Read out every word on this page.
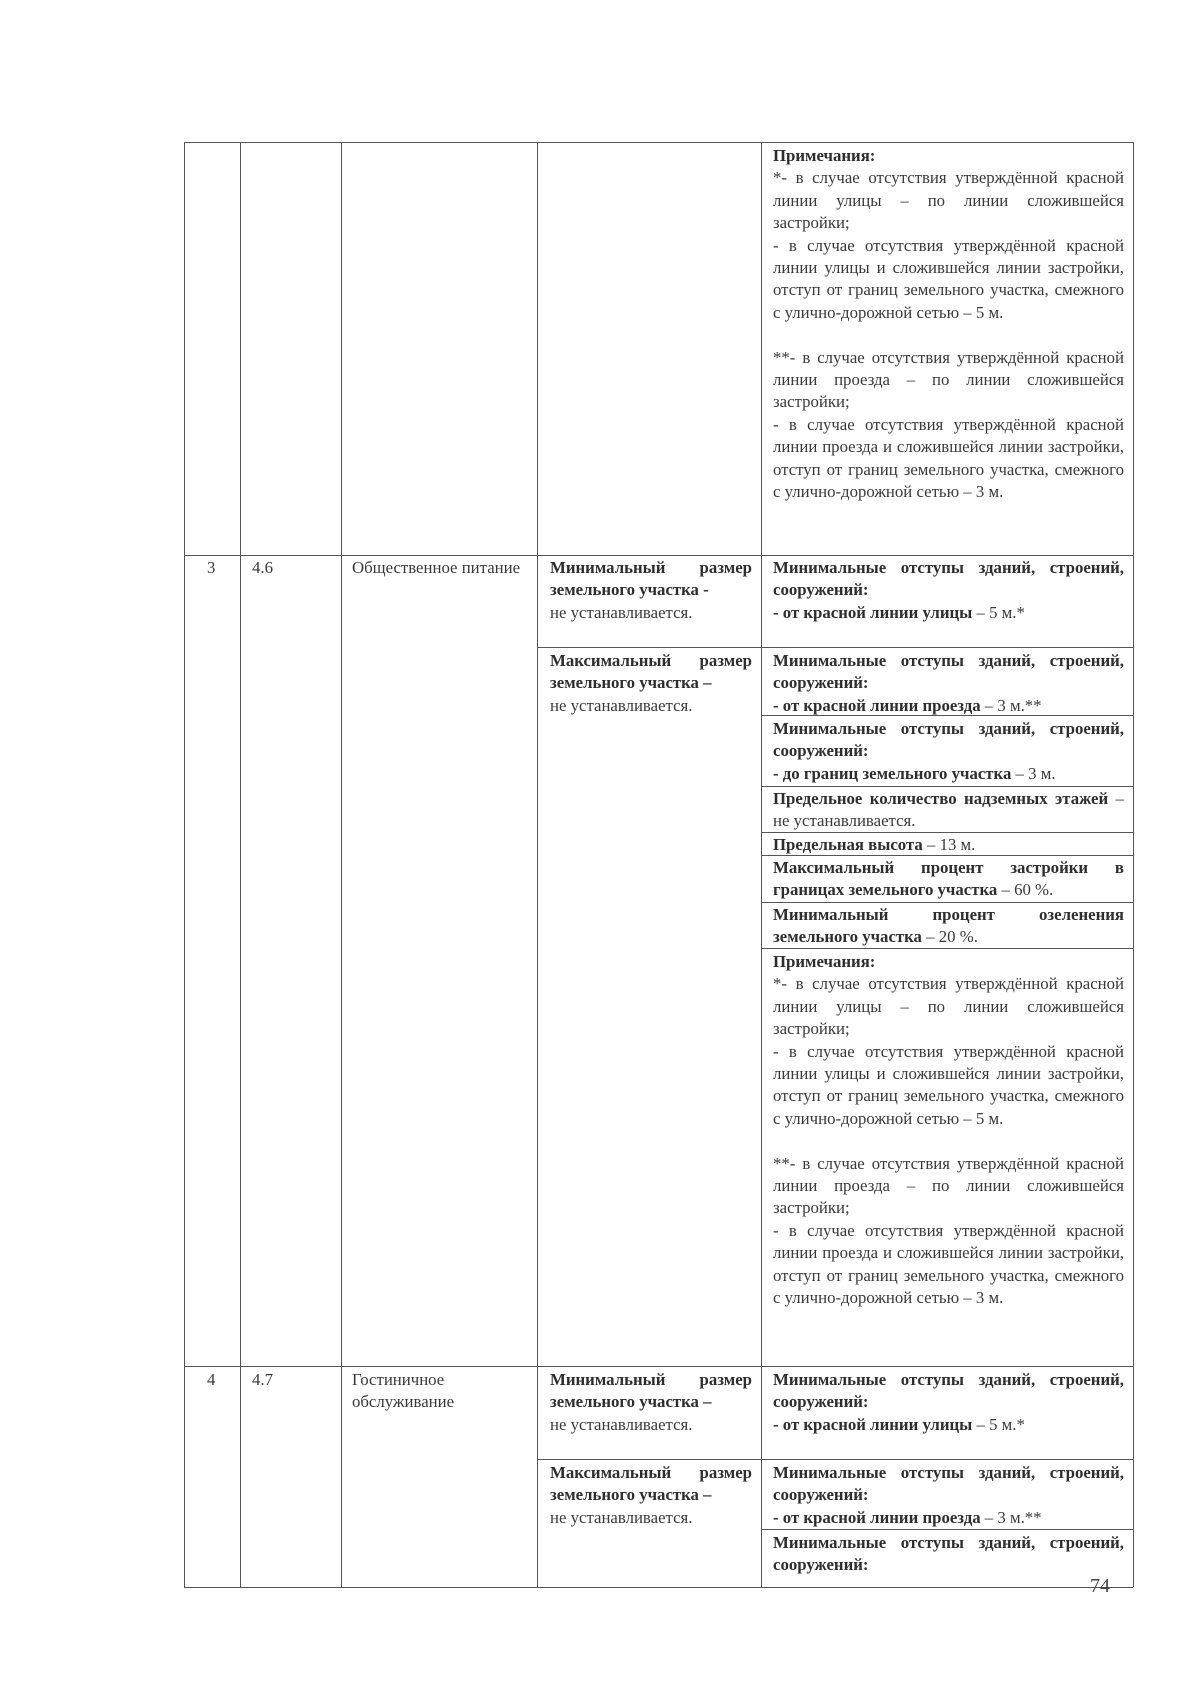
Примечания:
*- в случае отсутствия утверждённой красной линии улицы – по линии сложившейся застройки;
- в случае отсутствия утверждённой красной линии улицы и сложившейся линии застройки, отступ от границ земельного участка, смежного с улично-дорожной сетью – 5 м.
**- в случае отсутствия утверждённой красной линии проезда – по линии сложившейся застройки;
- в случае отсутствия утверждённой красной линии проезда и сложившейся линии застройки, отступ от границ земельного участка, смежного с улично-дорожной сетью – 3 м.
3 4.6	Общественное питание Минимальный размер земельного участка -
не устанавливается.
Максимальный размер земельного участка –
не устанавливается.
Минимальные отступы зданий, строений, сооружений:
- от красной линии улицы – 5 м.*
Минимальные отступы зданий, строений, сооружений:
- от красной линии проезда – 3 м.**
Минимальные отступы зданий, строений, сооружений:
- до границ земельного участка – 3 м.
Предельное количество надземных этажей – не устанавливается.
Предельная высота – 13 м.
Максимальный процент застройки в границах земельного участка – 60 %.
Минимальный процент озеленения земельного участка – 20 %.
Примечания:
*- в случае отсутствия утверждённой красной линии улицы – по линии сложившейся застройки;
- в случае отсутствия утверждённой красной линии улицы и сложившейся линии застройки, отступ от границ земельного участка, смежного с улично-дорожной сетью – 5 м.
**- в случае отсутствия утверждённой красной линии проезда – по линии сложившейся застройки;
- в случае отсутствия утверждённой красной линии проезда и сложившейся линии застройки, отступ от границ земельного участка, смежного с улично-дорожной сетью – 3 м.
4 4.7	Гостиничное обслуживание
Минимальный размер земельного участка –
не устанавливается.
Максимальный размер земельного участка –
не устанавливается.
Минимальные отступы зданий, строений, сооружений:
- от красной линии улицы – 5 м.*
Минимальные отступы зданий, строений, сооружений:
- от красной линии проезда – 3 м.**
Минимальные отступы зданий, строений, сооружений:
74
